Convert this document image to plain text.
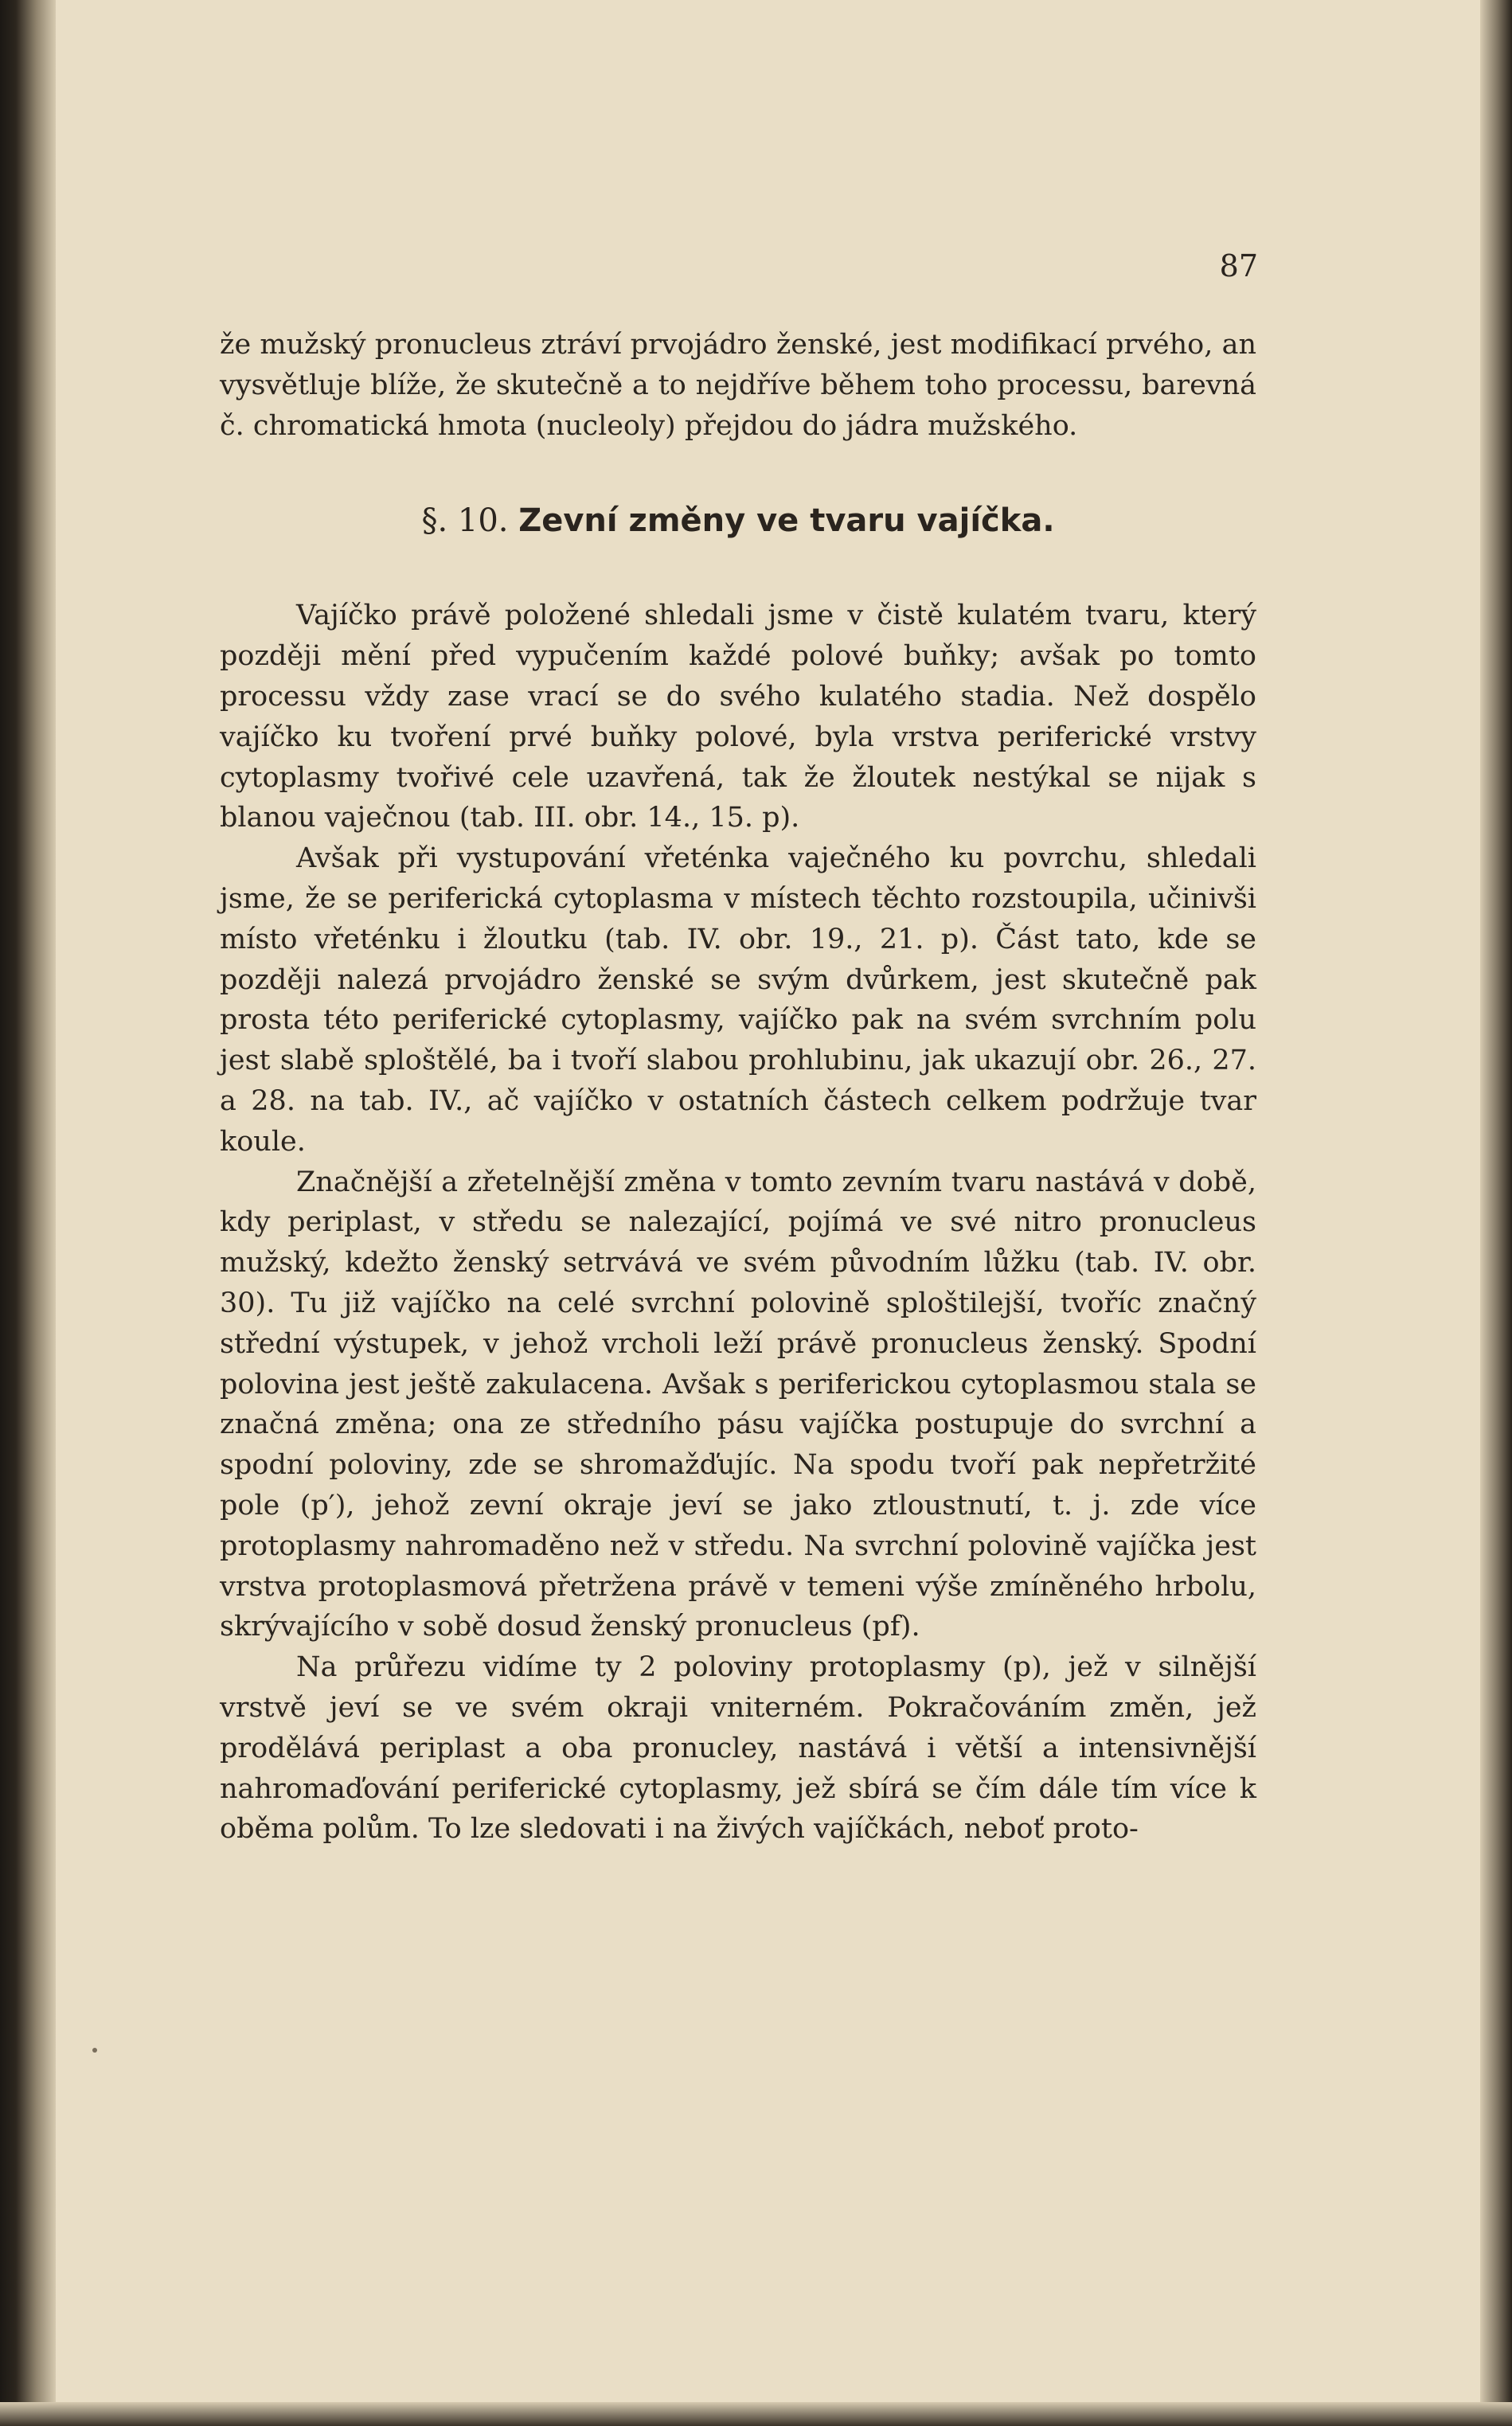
87

že mužský pronucleus ztráví prvojádro ženské, jest modifikací prvého, an vysvětluje blíže, že skutečně a to nejdříve během toho processu, barevná č. chromatická hmota (nucleoly) přejdou do jádra mužského.

§. 10. Zevní změny ve tvaru vajíčka.

Vajíčko právě položené shledali jsme v čistě kulatém tvaru, který později mění před vypučením každé polové buňky; avšak po tomto processu vždy zase vrací se do svého kulatého stadia. Než dospělo vajíčko ku tvoření prvé buňky polové, byla vrstva periferické vrstvy cytoplasmy tvořivé cele uzavřená, tak že žloutek nestýkal se nijak s blanou vaječnou (tab. III. obr. 14., 15. p).

Avšak při vystupování vřeténka vaječného ku povrchu, shledali jsme, že se periferická cytoplasma v místech těchto rozstoupila, učinivši místo vřeténku i žloutku (tab. IV. obr. 19., 21. p). Část tato, kde se později nalezá prvojádro ženské se svým dvůrkem, jest skutečně pak prosta této periferické cytoplasmy, vajíčko pak na svém svrchním polu jest slabě sploštělé, ba i tvoří slabou prohlubinu, jak ukazují obr. 26., 27. a 28. na tab. IV., ač vajíčko v ostatních částech celkem podržuje tvar koule.

Značnější a zřetelnější změna v tomto zevním tvaru nastává v době, kdy periplast, v středu se nalezající, pojímá ve své nitro pronucleus mužský, kdežto ženský setrvává ve svém původním lůžku (tab. IV. obr. 30). Tu již vajíčko na celé svrchní polovině sploštilejší, tvoříc značný střední výstupek, v jehož vrcholi leží právě pronucleus ženský. Spodní polovina jest ještě zakulacena. Avšak s periferickou cytoplasmou stala se značná změna; ona ze středního pásu vajíčka postupuje do svrchní a spodní poloviny, zde se shromažďujíc. Na spodu tvoří pak nepřetržité pole (p′), jehož zevní okraje jeví se jako ztloustnutí, t. j. zde více protoplasmy nahromaděno než v středu. Na svrchní polovině vajíčka jest vrstva protoplasmová přetržena právě v temeni výše zmíněného hrbolu, skrývajícího v sobě dosud ženský pronucleus (pf).

Na průřezu vidíme ty 2 poloviny protoplasmy (p), jež v silnější vrstvě jeví se ve svém okraji vniterném. Pokračováním změn, jež prodělává periplast a oba pronucley, nastává i větší a intensivnější nahromaďování periferické cytoplasmy, jež sbírá se čím dále tím více k oběma polům. To lze sledovati i na živých vajíčkách, neboť proto-
